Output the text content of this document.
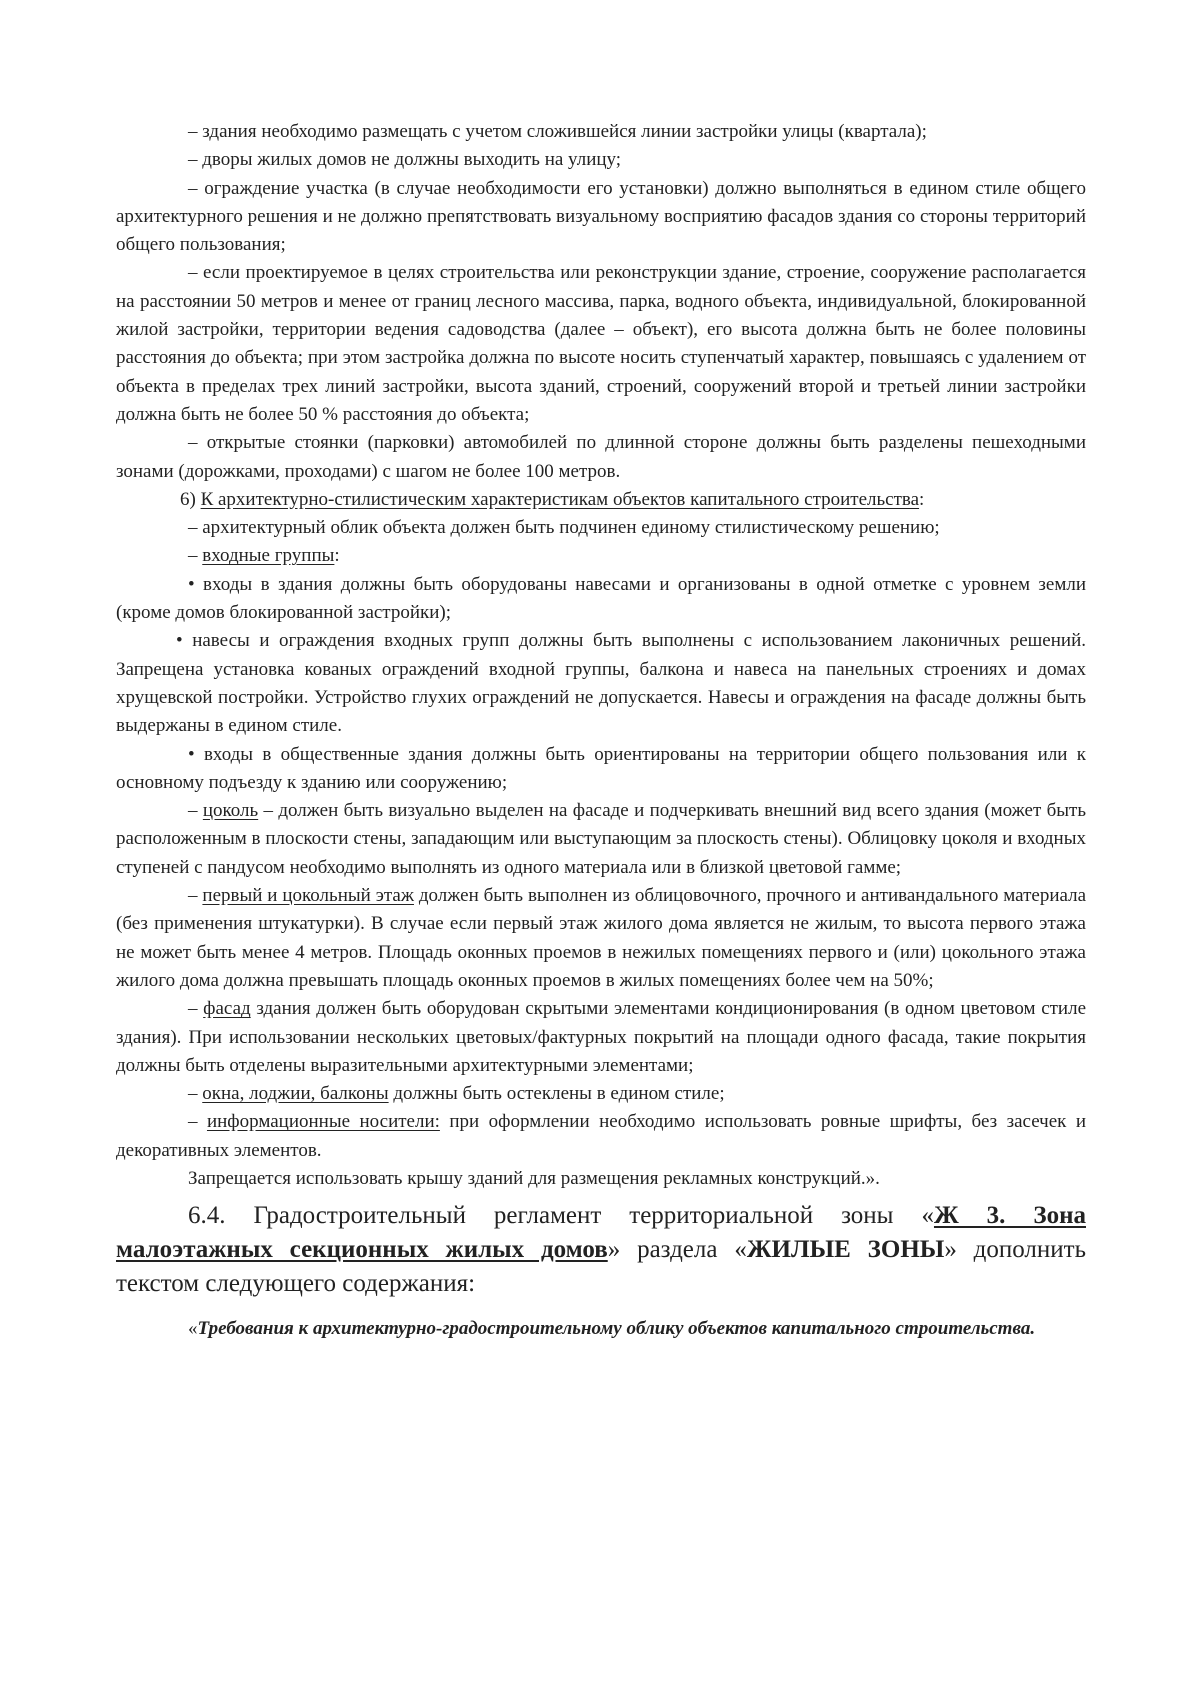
– здания необходимо размещать с учетом сложившейся линии застройки улицы (квартала);

– дворы жилых домов не должны выходить на улицу;

– ограждение участка (в случае необходимости его установки) должно выполняться в едином стиле общего архитектурного решения и не должно препятствовать визуальному восприятию фасадов здания со стороны территорий общего пользования;

– если проектируемое в целях строительства или реконструкции здание, строение, сооружение располагается на расстоянии 50 метров и менее от границ лесного массива, парка, водного объекта, индивидуальной, блокированной жилой застройки, территории ведения садоводства (далее – объект), его высота должна быть не более половины расстояния до объекта; при этом застройка должна по высоте носить ступенчатый характер, повышаясь с удалением от объекта в пределах трех линий застройки, высота зданий, строений, сооружений второй и третьей линии застройки должна быть не более 50 % расстояния до объекта;

– открытые стоянки (парковки) автомобилей по длинной стороне должны быть разделены пешеходными зонами (дорожками, проходами) с шагом не более 100 метров.

6) К архитектурно-стилистическим характеристикам объектов капитального строительства:

– архитектурный облик объекта должен быть подчинен единому стилистическому решению;

– входные группы:

• входы в здания должны быть оборудованы навесами и организованы в одной отметке с уровнем земли (кроме домов блокированной застройки);

• навесы и ограждения входных групп должны быть выполнены с использованием лаконичных решений. Запрещена установка кованых ограждений входной группы, балкона и навеса на панельных строениях и домах хрущевской постройки. Устройство глухих ограждений не допускается. Навесы и ограждения на фасаде должны быть выдержаны в едином стиле.

• входы в общественные здания должны быть ориентированы на территории общего пользования или к основному подъезду к зданию или сооружению;

– цоколь – должен быть визуально выделен на фасаде и подчеркивать внешний вид всего здания (может быть расположенным в плоскости стены, западающим или выступающим за плоскость стены). Облицовку цоколя и входных ступеней с пандусом необходимо выполнять из одного материала или в близкой цветовой гамме;

– первый и цокольный этаж должен быть выполнен из облицовочного, прочного и антивандального материала (без применения штукатурки). В случае если первый этаж жилого дома является не жилым, то высота первого этажа не может быть менее 4 метров. Площадь оконных проемов в нежилых помещениях первого и (или) цокольного этажа жилого дома должна превышать площадь оконных проемов в жилых помещениях более чем на 50%;

– фасад здания должен быть оборудован скрытыми элементами кондиционирования (в одном цветовом стиле здания). При использовании нескольких цветовых/фактурных покрытий на площади одного фасада, такие покрытия должны быть отделены выразительными архитектурными элементами;

– окна, лоджии, балконы должны быть остеклены в едином стиле;

– информационные носители: при оформлении необходимо использовать ровные шрифты, без засечек и декоративных элементов.

Запрещается использовать крышу зданий для размещения рекламных конструкций.».

6.4. Градостроительный регламент территориальной зоны «Ж 3. Зона малоэтажных секционных жилых домов» раздела «ЖИЛЫЕ ЗОНЫ» дополнить текстом следующего содержания:

«Требования к архитектурно-градостроительному облику объектов капитального строительства.
